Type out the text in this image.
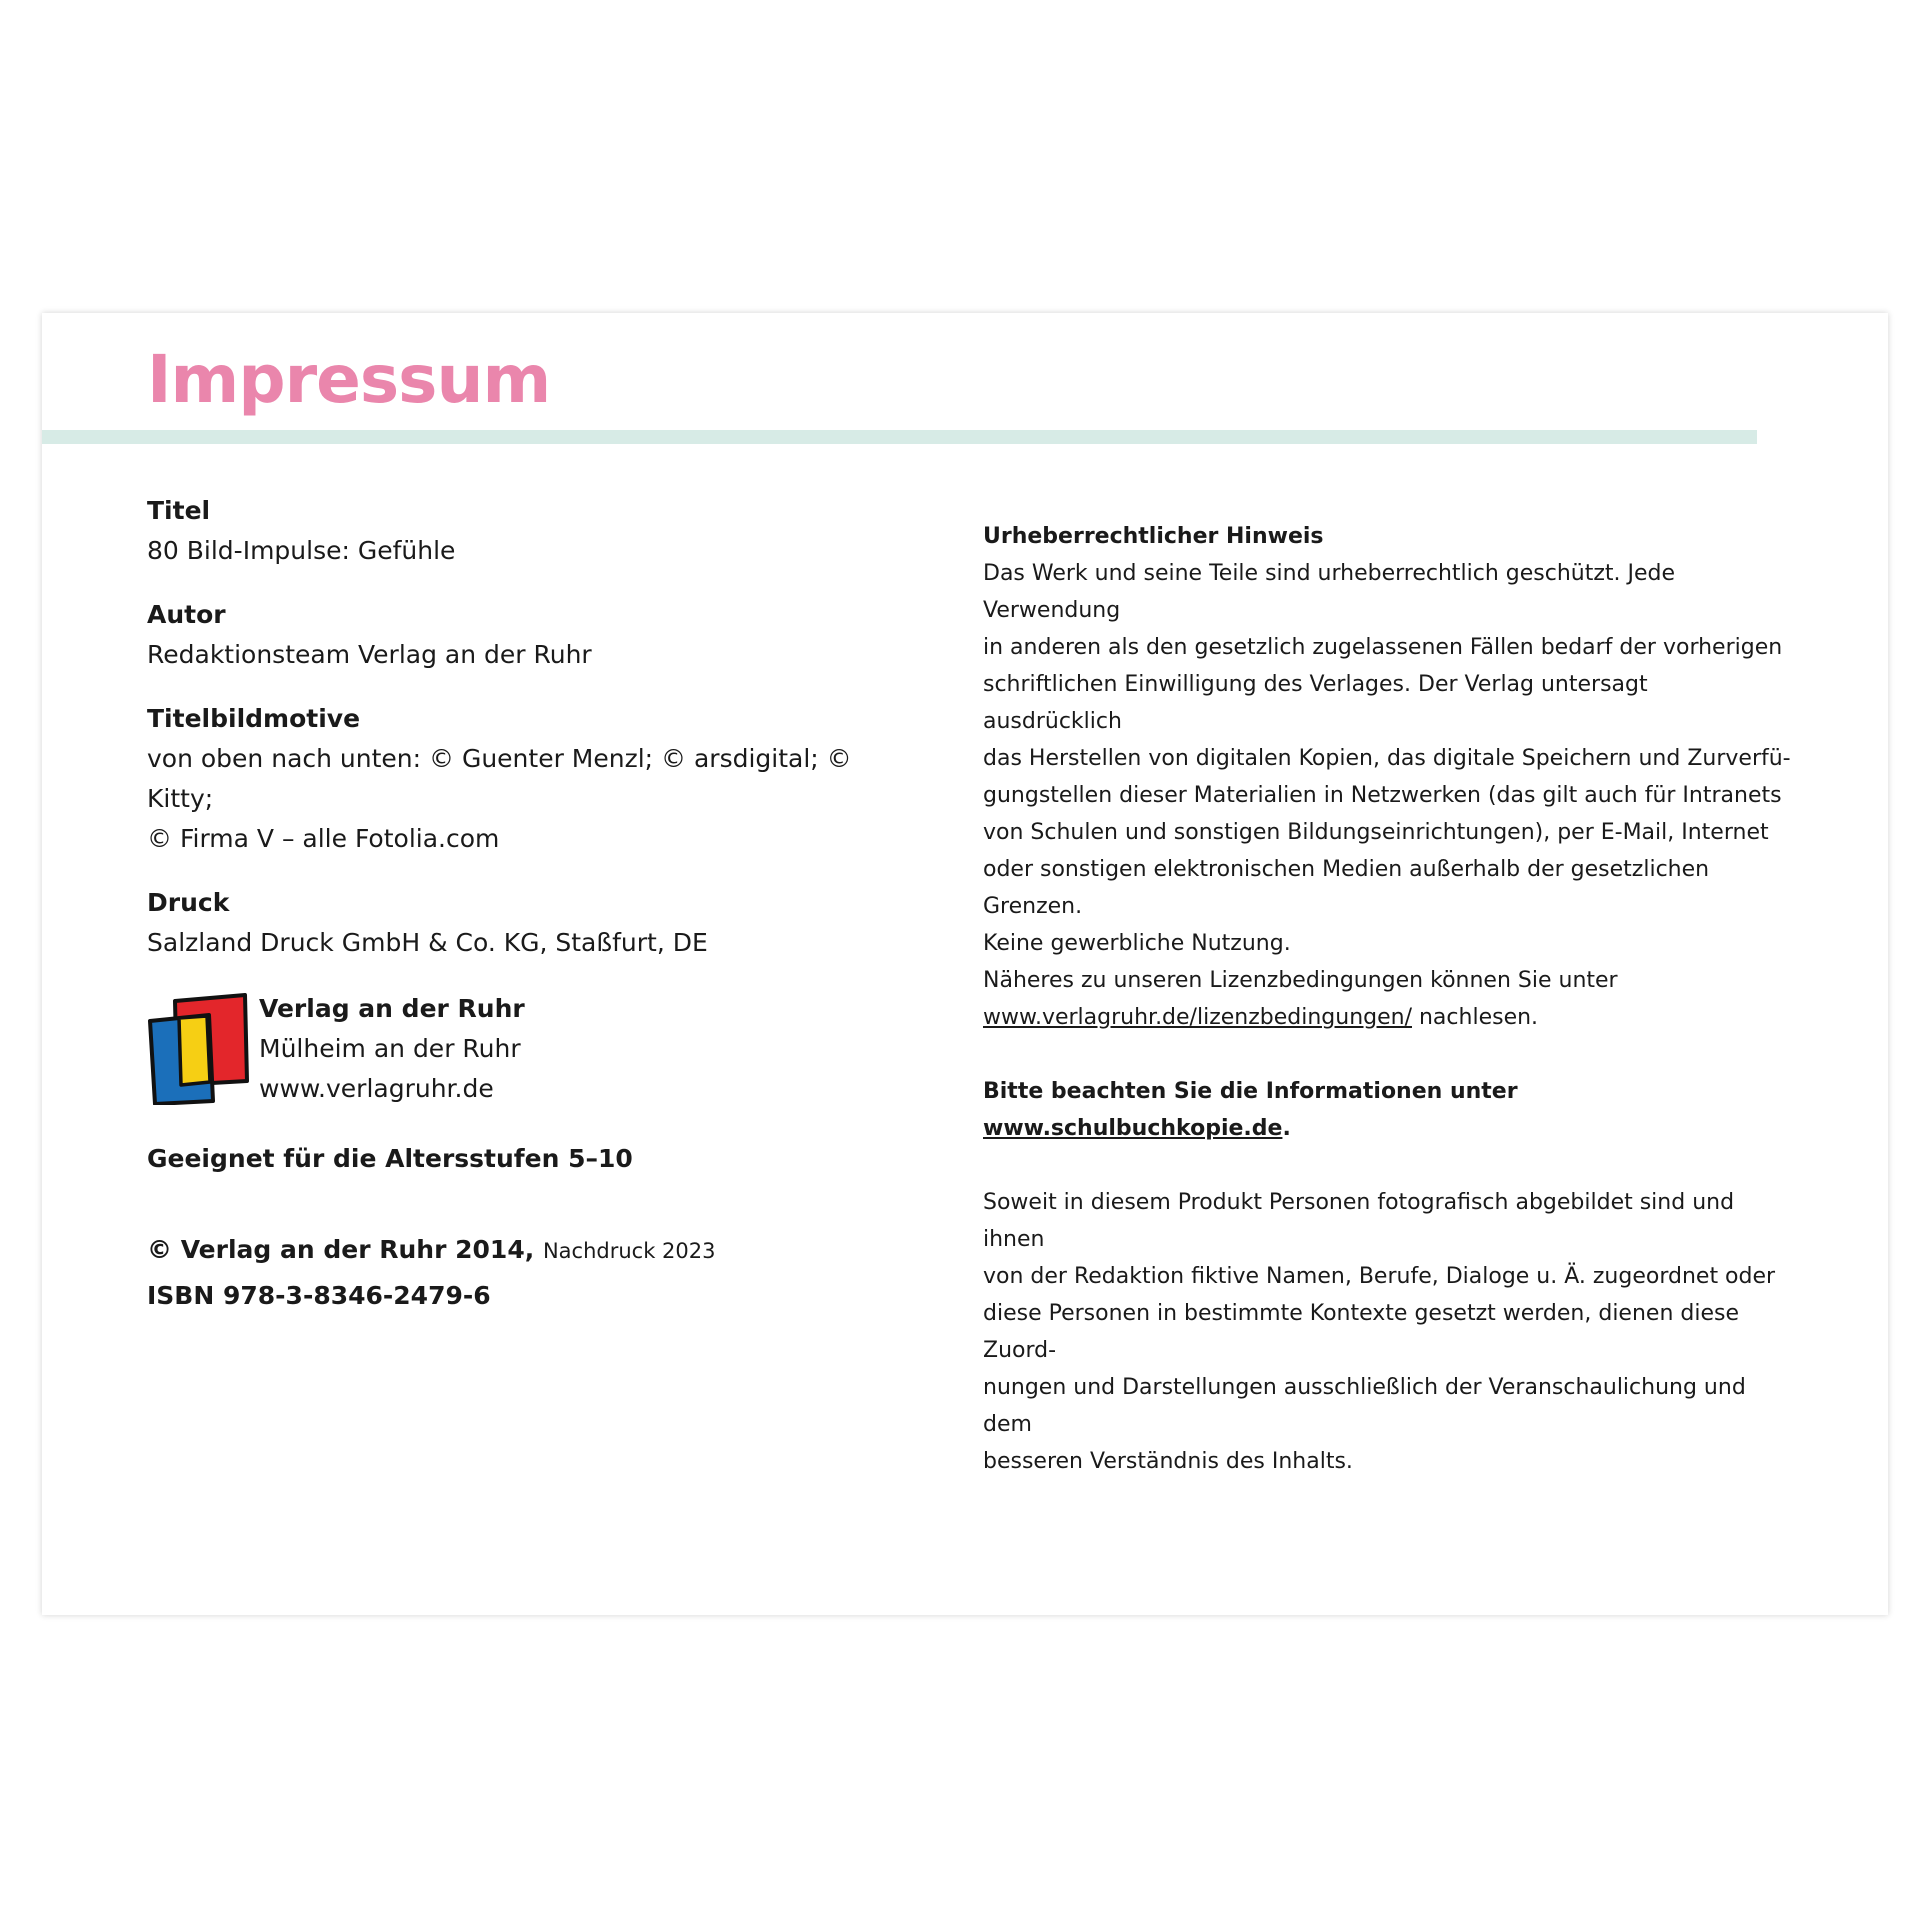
Impressum

Titel

80 Bild-Impulse: Gefühle

Autor

Redaktionsteam Verlag an der Ruhr

Titelbildmotive

von oben nach unten: © Guenter Menzl; © arsdigital; © Kitty;

© Firma V – alle Fotolia.com

Druck

Salzland Druck GmbH & Co. KG, Staßfurt, DE

Verlag an der Ruhr

Mülheim an der Ruhr

www.verlagruhr.de

Geeignet für die Altersstufen 5–10
© Verlag an der Ruhr 2014, Nachdruck 2023
ISBN 978-3-8346-2479-6

Urheberrechtlicher Hinweis

Das Werk und seine Teile sind urheberrechtlich geschützt. Jede Verwendung

in anderen als den gesetzlich zugelassenen Fällen bedarf der vorherigen

schriftlichen Einwilligung des Verlages. Der Verlag untersagt ausdrücklich

das Herstellen von digitalen Kopien, das digitale Speichern und Zurverfü-

gungstellen dieser Materialien in Netzwerken (das gilt auch für Intranets

von Schulen und sonstigen Bildungseinrichtungen), per E-Mail, Internet

oder sonstigen elektronischen Medien außerhalb der gesetzlichen Grenzen.

Keine gewerbliche Nutzung.

Näheres zu unseren Lizenzbedingungen können Sie unter

www.verlagruhr.de/lizenzbedingungen/ nachlesen.

Bitte beachten Sie die Informationen unter www.schulbuchkopie.de.

Soweit in diesem Produkt Personen fotografisch abgebildet sind und ihnen

von der Redaktion fiktive Namen, Berufe, Dialoge u. Ä. zugeordnet oder

diese Personen in bestimmte Kontexte gesetzt werden, dienen diese Zuord-

nungen und Darstellungen ausschließlich der Veranschaulichung und dem

besseren Verständnis des Inhalts.
